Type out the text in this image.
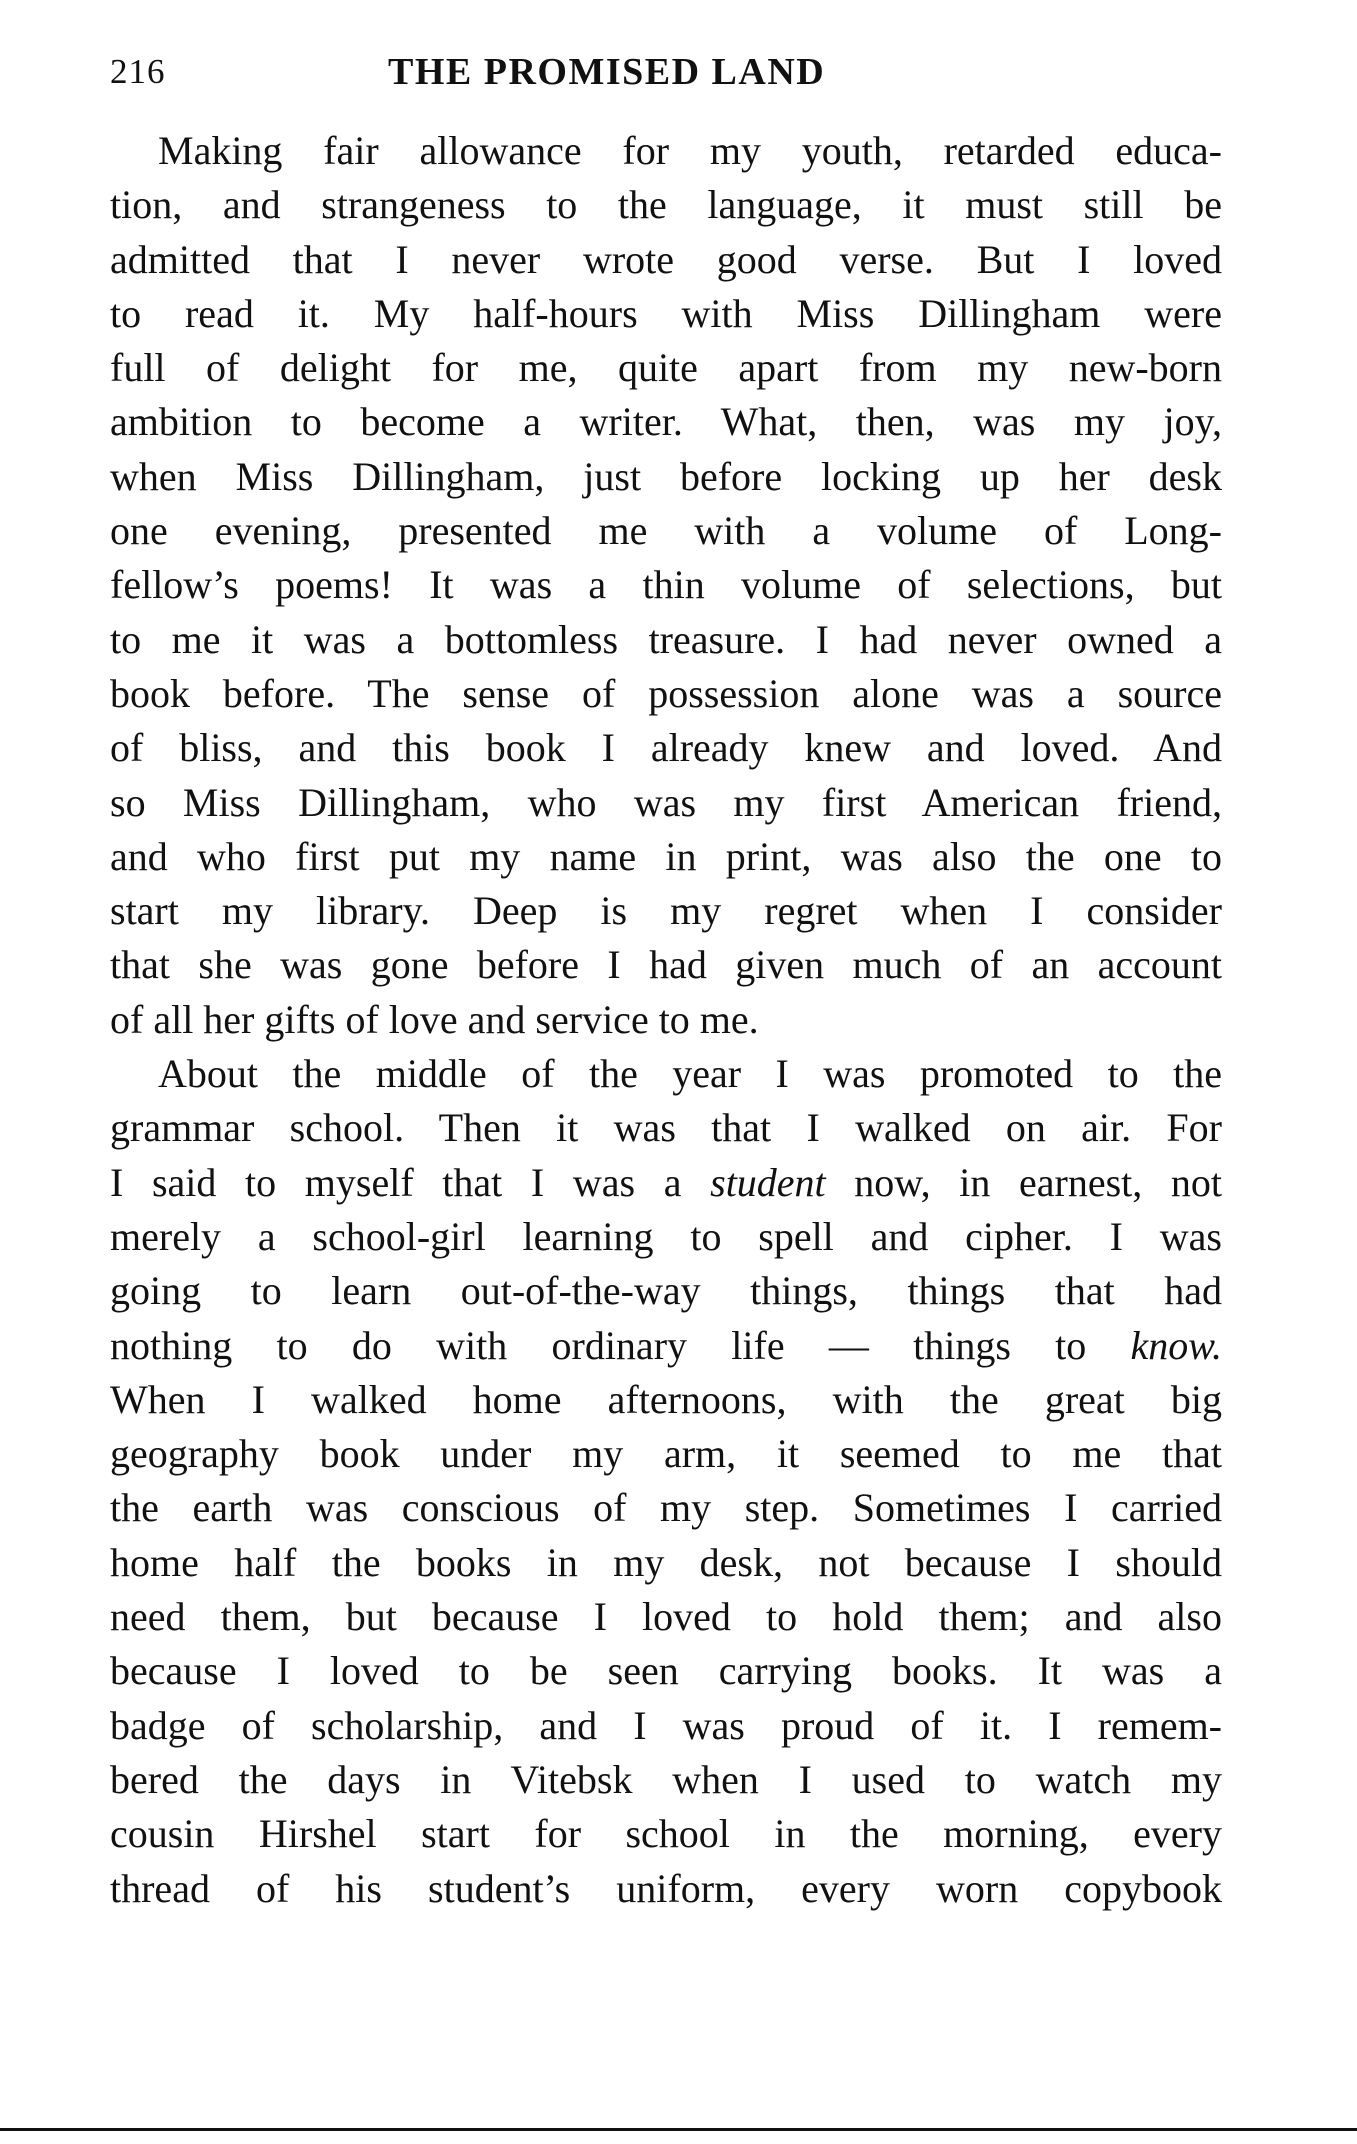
216	THE PROMISED LAND
Making fair allowance for my youth, retarded educa-
tion, and strangeness to the language, it must still be
admitted that I never wrote good verse. But I loved
to read it. My half-hours with Miss Dillingham were
full of delight for me, quite apart from my new-born
ambition to become a writer. What, then, was my joy,
when Miss Dillingham, just before locking up her desk
one evening, presented me with a volume of Long-
fellow’s poems! It was a thin volume of selections, but
to me it was a bottomless treasure. I had never owned a
book before. The sense of possession alone was a source
of bliss, and this book I already knew and loved. And
so Miss Dillingham, who was my first American friend,
and who first put my name in print, was also the one to
start my library. Deep is my regret when I consider
that she was gone before I had given much of an account
of all her gifts of love and service to me.
About the middle of the year I was promoted to the
grammar school. Then it was that I walked on air. For
I said to myself that I was a student now, in earnest, not
merely a school-girl learning to spell and cipher. I was
going to learn out-of-the-way things, things that had
nothing to do with ordinary life — things to know.
When I walked home afternoons, with the great big
geography book under my arm, it seemed to me that
the earth was conscious of my step. Sometimes I carried
home half the books in my desk, not because I should
need them, but because I loved to hold them; and also
because I loved to be seen carrying books. It was a
badge of scholarship, and I was proud of it. I remem-
bered the days in Vitebsk when I used to watch my
cousin Hirshel start for school in the morning, every
thread of his student’s uniform, every worn copybook
